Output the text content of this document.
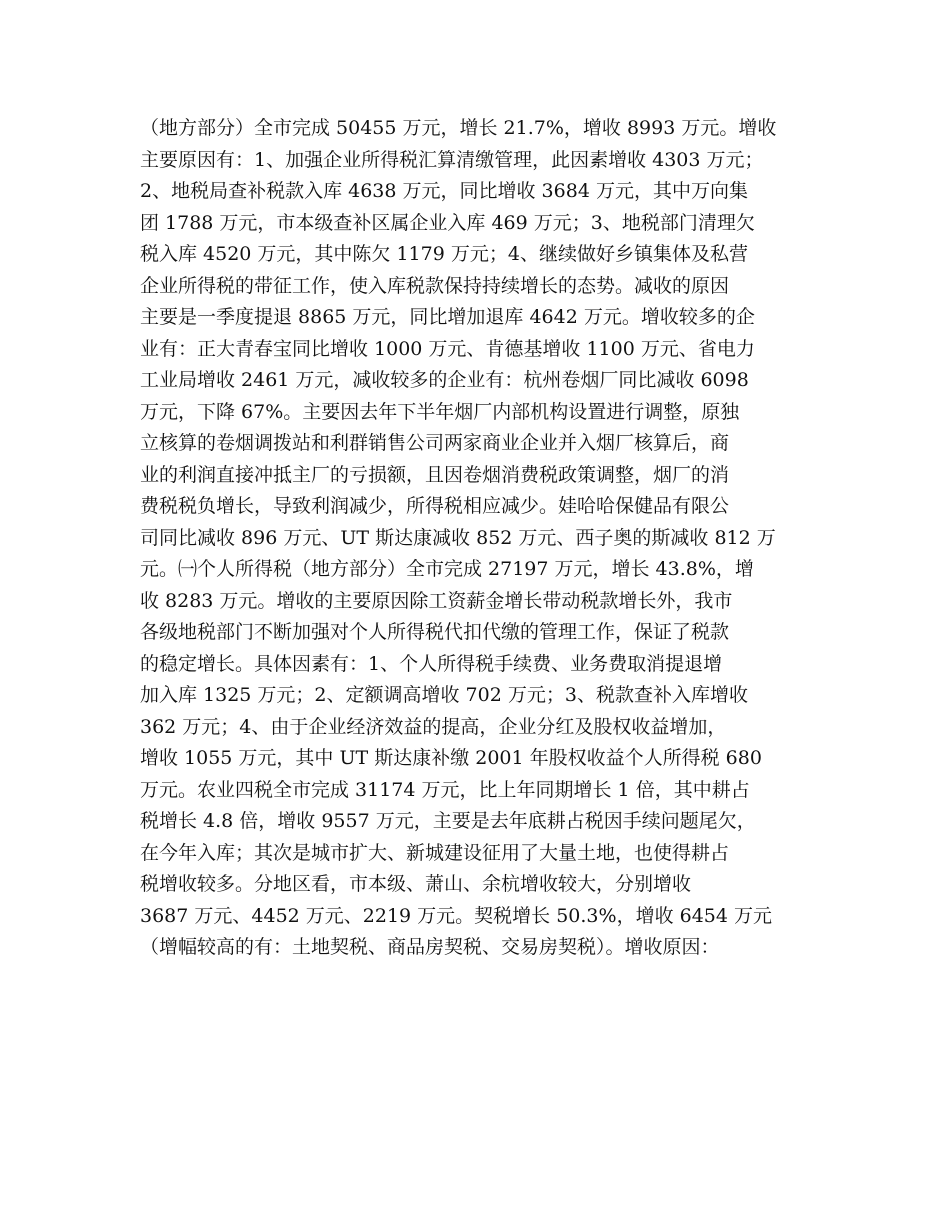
（地方部分）全市完成 50455 万元，增长 21.7%，增收 8993 万元。增收
主要原因有：1、加强企业所得税汇算清缴管理，此因素增收 4303 万元；
2、地税局查补税款入库 4638 万元，同比增收 3684 万元，其中万向集
团 1788 万元，市本级查补区属企业入库 469 万元；3、地税部门清理欠
税入库 4520 万元，其中陈欠 1179 万元；4、继续做好乡镇集体及私营
企业所得税的带征工作，使入库税款保持持续增长的态势。减收的原因
主要是一季度提退 8865 万元，同比增加退库 4642 万元。增收较多的企
业有：正大青春宝同比增收 1000 万元、肯德基增收 1100 万元、省电力
工业局增收 2461 万元，减收较多的企业有：杭州卷烟厂同比减收 6098
万元，下降 67%。主要因去年下半年烟厂内部机构设置进行调整，原独
立核算的卷烟调拨站和利群销售公司两家商业企业并入烟厂核算后，商
业的利润直接冲抵主厂的亏损额，且因卷烟消费税政策调整，烟厂的消
费税税负增长，导致利润减少，所得税相应减少。娃哈哈保健品有限公
司同比减收 896 万元、UT 斯达康减收 852 万元、西子奥的斯减收 812 万
元。㈠个人所得税（地方部分）全市完成 27197 万元，增长 43.8%，增
收 8283 万元。增收的主要原因除工资薪金增长带动税款增长外，我市
各级地税部门不断加强对个人所得税代扣代缴的管理工作，保证了税款
的稳定增长。具体因素有：1、个人所得税手续费、业务费取消提退增
加入库 1325 万元；2、定额调高增收 702 万元；3、税款查补入库增收
362 万元；4、由于企业经济效益的提高，企业分红及股权收益增加，
增收 1055 万元，其中 UT 斯达康补缴 2001 年股权收益个人所得税 680
万元。农业四税全市完成 31174 万元，比上年同期增长 1 倍，其中耕占
税增长 4.8 倍，增收 9557 万元，主要是去年底耕占税因手续问题尾欠，
在今年入库；其次是城市扩大、新城建设征用了大量土地，也使得耕占
税增收较多。分地区看，市本级、萧山、余杭增收较大，分别增收
3687 万元、4452 万元、2219 万元。契税增长 50.3%，增收 6454 万元
（增幅较高的有：土地契税、商品房契税、交易房契税）。增收原因：
